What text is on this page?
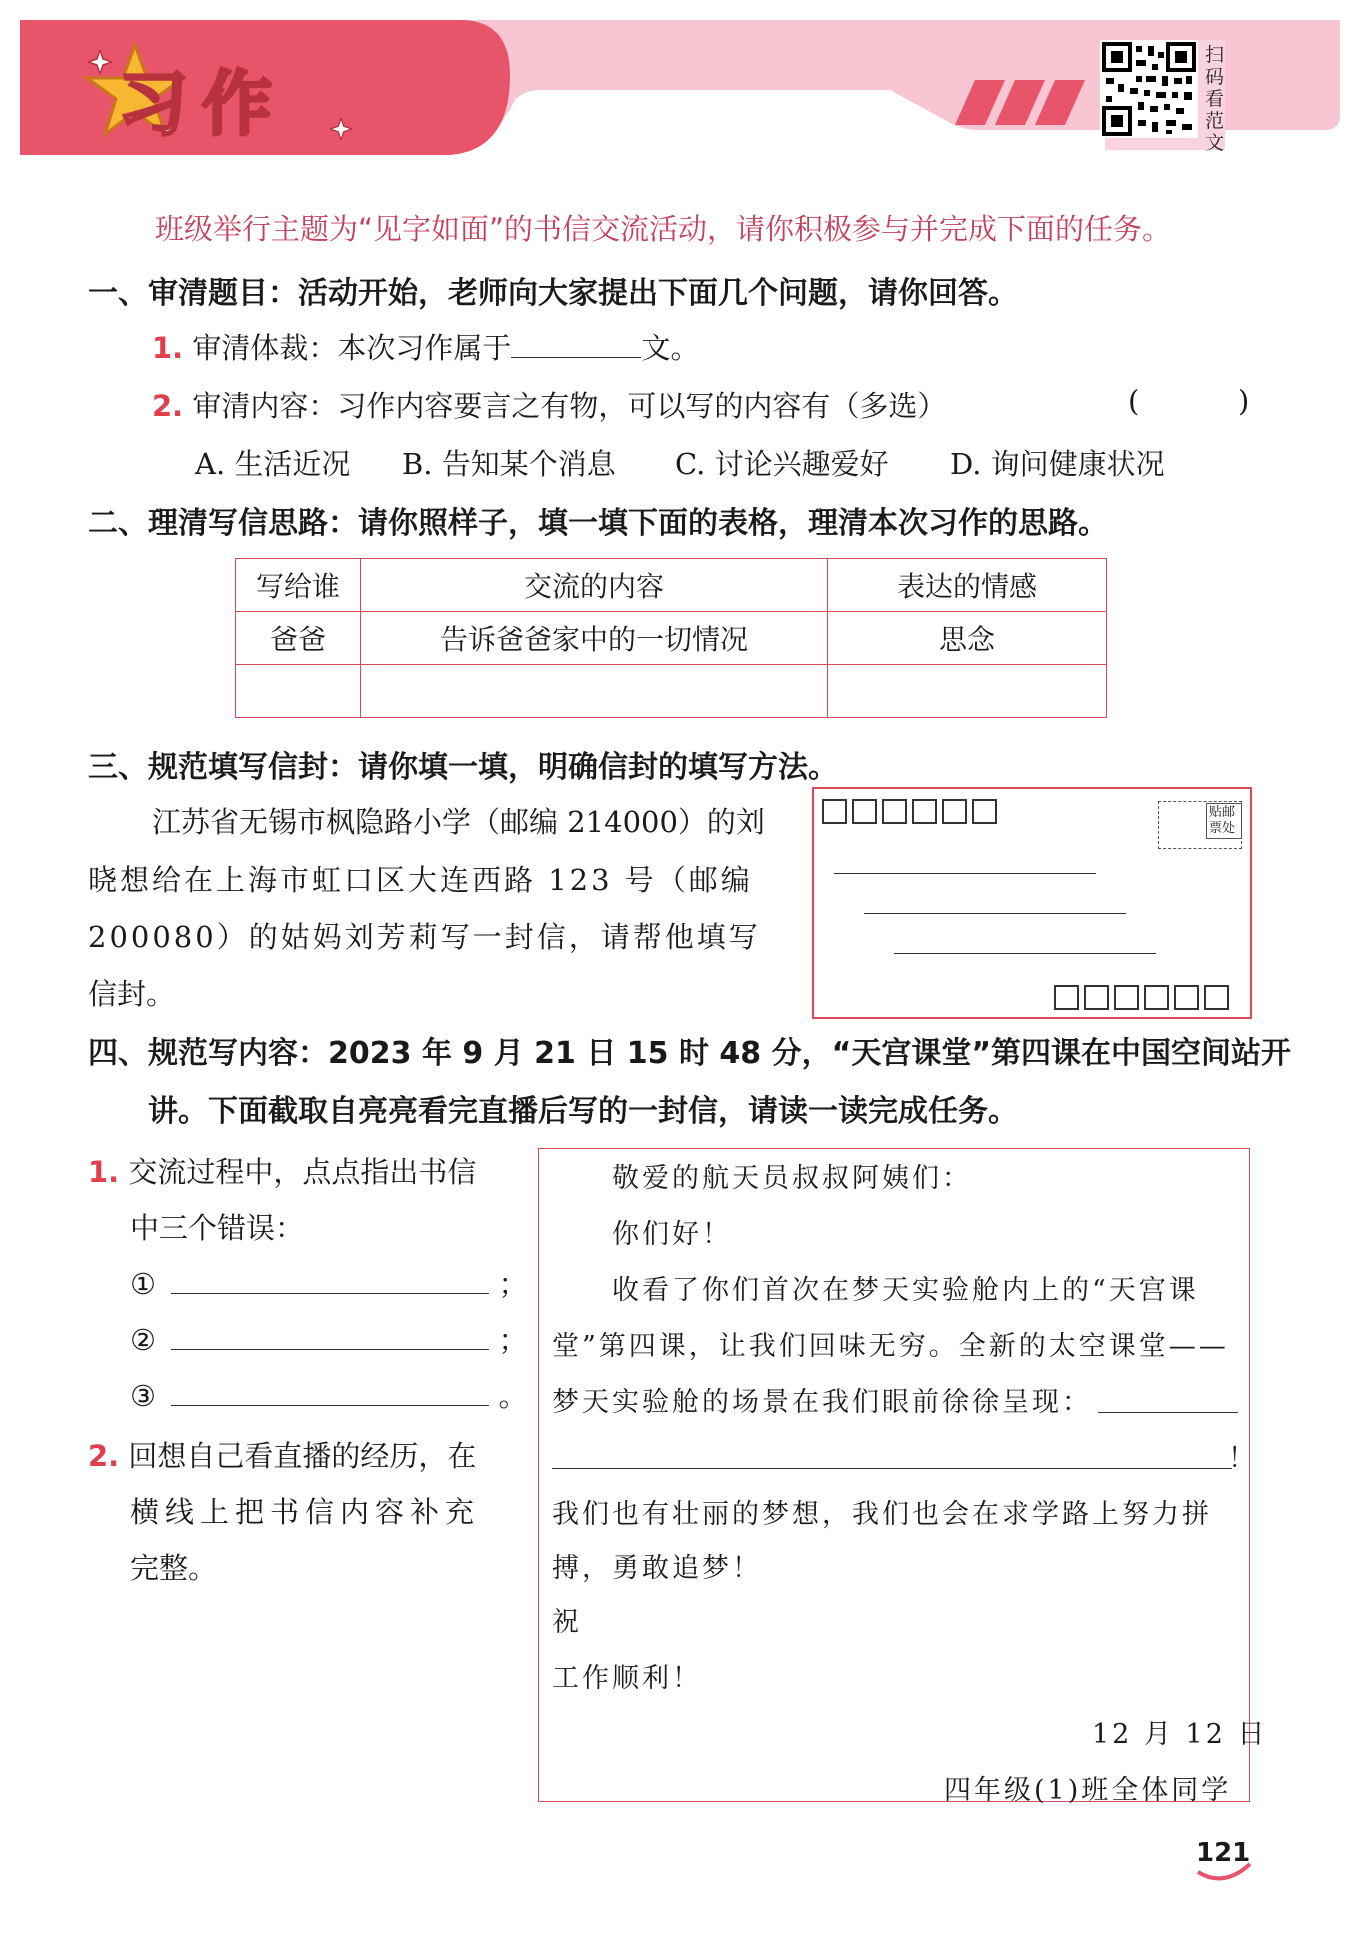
习作
扫码看范文
班级举行主题为“见字如面”的书信交流活动，请你积极参与并完成下面的任务。
一、审清题目：活动开始，老师向大家提出下面几个问题，请你回答。
1. 审清体裁：本次习作属于	文。
2. 审清内容：习作内容要言之有物，可以写的内容有（多选）	(	)
A. 生活近况 B. 告知某个消息 C. 讨论兴趣爱好 D. 询问健康状况
二、理清写信思路：请你照样子，填一填下面的表格，理清本次习作的思路。
写给谁	交流的内容	表达的情感
爸爸	告诉爸爸家中的一切情况	思念

三、规范填写信封：请你填一填，明确信封的填写方法。
江苏省无锡市枫隐路小学（邮编 214000）的刘
晓想给在上海市虹口区大连西路 123 号（邮编
200080）的姑妈刘芳莉写一封信，请帮他填写
信封。
贴邮票处
四、规范写内容：2023 年 9 月 21 日 15 时 48 分，“天宫课堂”第四课在中国空间站开
讲。下面截取自亮亮看完直播后写的一封信，请读一读完成任务。
1. 交流过程中，点点指出书信
中三个错误：
①	；
②	；
③	。
2. 回想自己看直播的经历，在
横线上把书信内容补充
完整。
敬爱的航天员叔叔阿姨们：
你们好！
收看了你们首次在梦天实验舱内上的“天宫课
堂”第四课，让我们回味无穷。全新的太空课堂——
梦天实验舱的场景在我们眼前徐徐呈现：
！
我们也有壮丽的梦想，我们也会在求学路上努力拼
搏，勇敢追梦！
祝
工作顺利！
12 月 12 日
四年级(1)班全体同学
121
